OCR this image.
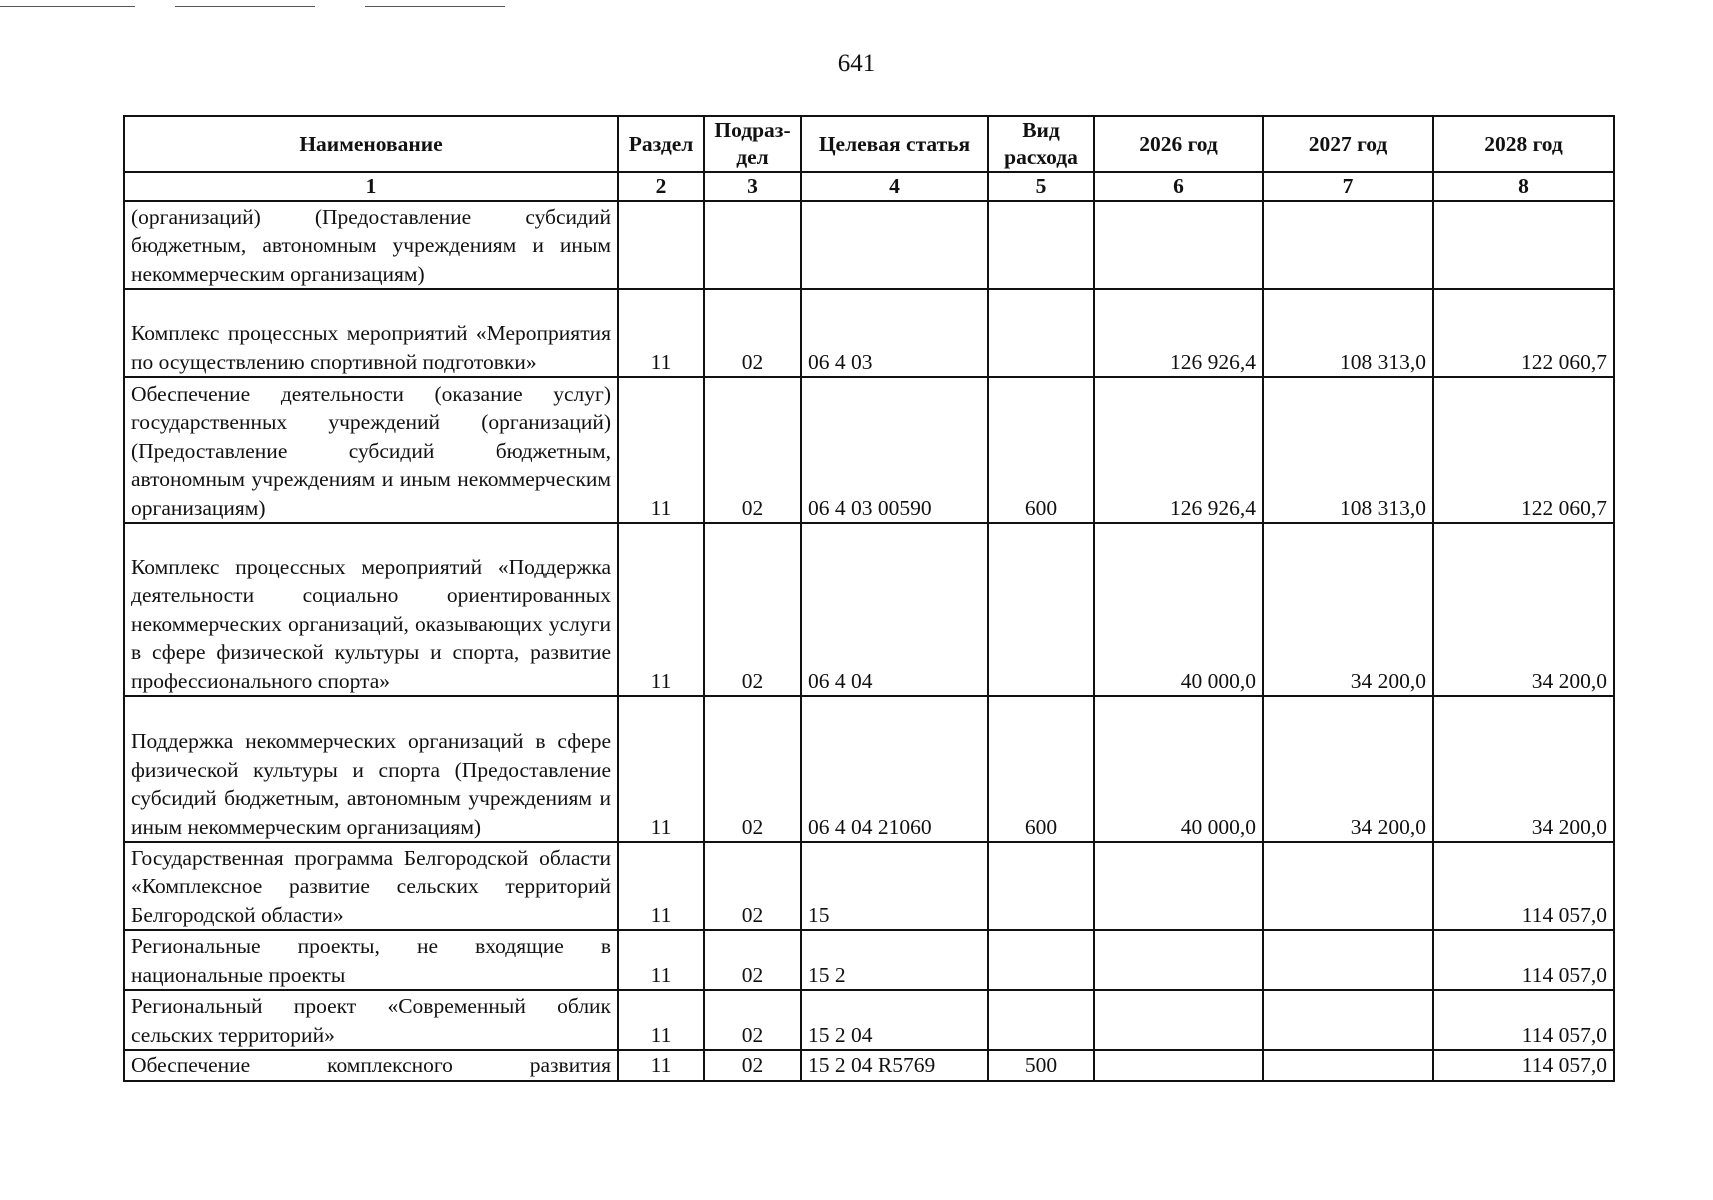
641
Наименование	Раздел	Подраз-дел	Целевая статья	Вид расхода	2026 год	2027 год	2028 год
1	2	3	4	5	6	7	8
(организаций) (Предоставление субсидий бюджетным, автономным учреждениям и иным некоммерческим организациям)							
Комплекс процессных мероприятий «Мероприятия по осуществлению спортивной подготовки»	11	02	06 4 03		126 926,4	108 313,0	122 060,7
Обеспечение деятельности (оказание услуг) государственных учреждений (организаций) (Предоставление субсидий бюджетным, автономным учреждениям и иным некоммерческим организациям)	11	02	06 4 03 00590	600	126 926,4	108 313,0	122 060,7
Комплекс процессных мероприятий «Поддержка деятельности социально ориентированных некоммерческих организаций, оказывающих услуги в сфере физической культуры и спорта, развитие профессионального спорта»	11	02	06 4 04		40 000,0	34 200,0	34 200,0
Поддержка некоммерческих организаций в сфере физической культуры и спорта (Предоставление субсидий бюджетным, автономным учреждениям и иным некоммерческим организациям)	11	02	06 4 04 21060	600	40 000,0	34 200,0	34 200,0
Государственная программа Белгородской области «Комплексное развитие сельских территорий Белгородской области»	11	02	15				114 057,0
Региональные проекты, не входящие в национальные проекты	11	02	15 2				114 057,0
Региональный проект «Современный облик сельских территорий»	11	02	15 2 04				114 057,0
Обеспечение комплексного развития	11	02	15 2 04 R5769	500			114 057,0
